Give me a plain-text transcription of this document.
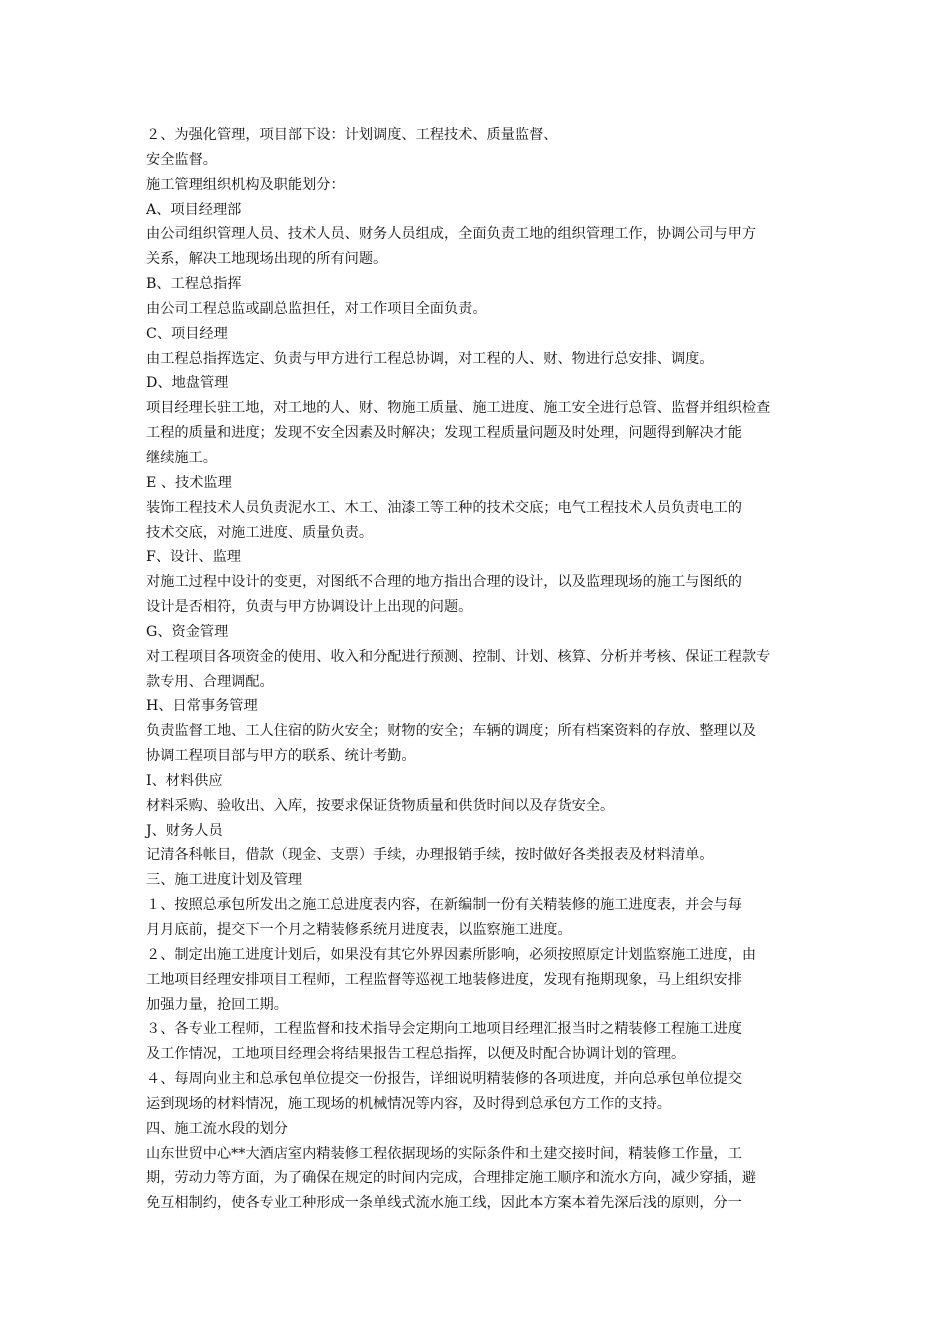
２、为强化管理，项目部下设：计划调度、工程技术、质量监督、
安全监督。
施工管理组织机构及职能划分：
A、项目经理部
由公司组织管理人员、技术人员、财务人员组成，全面负责工地的组织管理工作，协调公司与甲方
关系，解决工地现场出现的所有问题。
B、工程总指挥
由公司工程总监或副总监担任，对工作项目全面负责。
C、项目经理
由工程总指挥选定、负责与甲方进行工程总协调，对工程的人、财、物进行总安排、调度。
D、地盘管理
项目经理长驻工地，对工地的人、财、物施工质量、施工进度、施工安全进行总管、监督并组织检查
工程的质量和进度；发现不安全因素及时解决；发现工程质量问题及时处理，问题得到解决才能
继续施工。
E 、技术监理
装饰工程技术人员负责泥水工、木工、油漆工等工种的技术交底；电气工程技术人员负责电工的
技术交底，对施工进度、质量负责。
F、设计、监理
对施工过程中设计的变更，对图纸不合理的地方指出合理的设计，以及监理现场的施工与图纸的
设计是否相符，负责与甲方协调设计上出现的问题。
G、资金管理
对工程项目各项资金的使用、收入和分配进行预测、控制、计划、核算、分析并考核、保证工程款专
款专用、合理调配。
H、日常事务管理
负责监督工地、工人住宿的防火安全；财物的安全；车辆的调度；所有档案资料的存放、整理以及
协调工程项目部与甲方的联系、统计考勤。
I、材料供应
材料采购、验收出、入库，按要求保证货物质量和供货时间以及存货安全。
J、财务人员
记清各科帐目，借款（现金、支票）手续，办理报销手续，按时做好各类报表及材料清单。
三、施工进度计划及管理
１、按照总承包所发出之施工总进度表内容，在新编制一份有关精装修的施工进度表，并会与每
月月底前，提交下一个月之精装修系统月进度表，以监察施工进度。
２、制定出施工进度计划后，如果没有其它外界因素所影响，必须按照原定计划监察施工进度，由
工地项目经理安排项目工程师，工程监督等巡视工地装修进度，发现有拖期现象，马上组织安排
加强力量，抢回工期。
３、各专业工程师，工程监督和技术指导会定期向工地项目经理汇报当时之精装修工程施工进度
及工作情况，工地项目经理会将结果报告工程总指挥，以便及时配合协调计划的管理。
４、每周向业主和总承包单位提交一份报告，详细说明精装修的各项进度，并向总承包单位提交
运到现场的材料情况，施工现场的机械情况等内容，及时得到总承包方工作的支持。
四、施工流水段的划分
山东世贸中心**大酒店室内精装修工程依据现场的实际条件和土建交接时间，精装修工作量，工
期，劳动力等方面，为了确保在规定的时间内完成，合理排定施工顺序和流水方向，减少穿插，避
免互相制约，使各专业工种形成一条单线式流水施工线，因此本方案本着先深后浅的原则，分一
